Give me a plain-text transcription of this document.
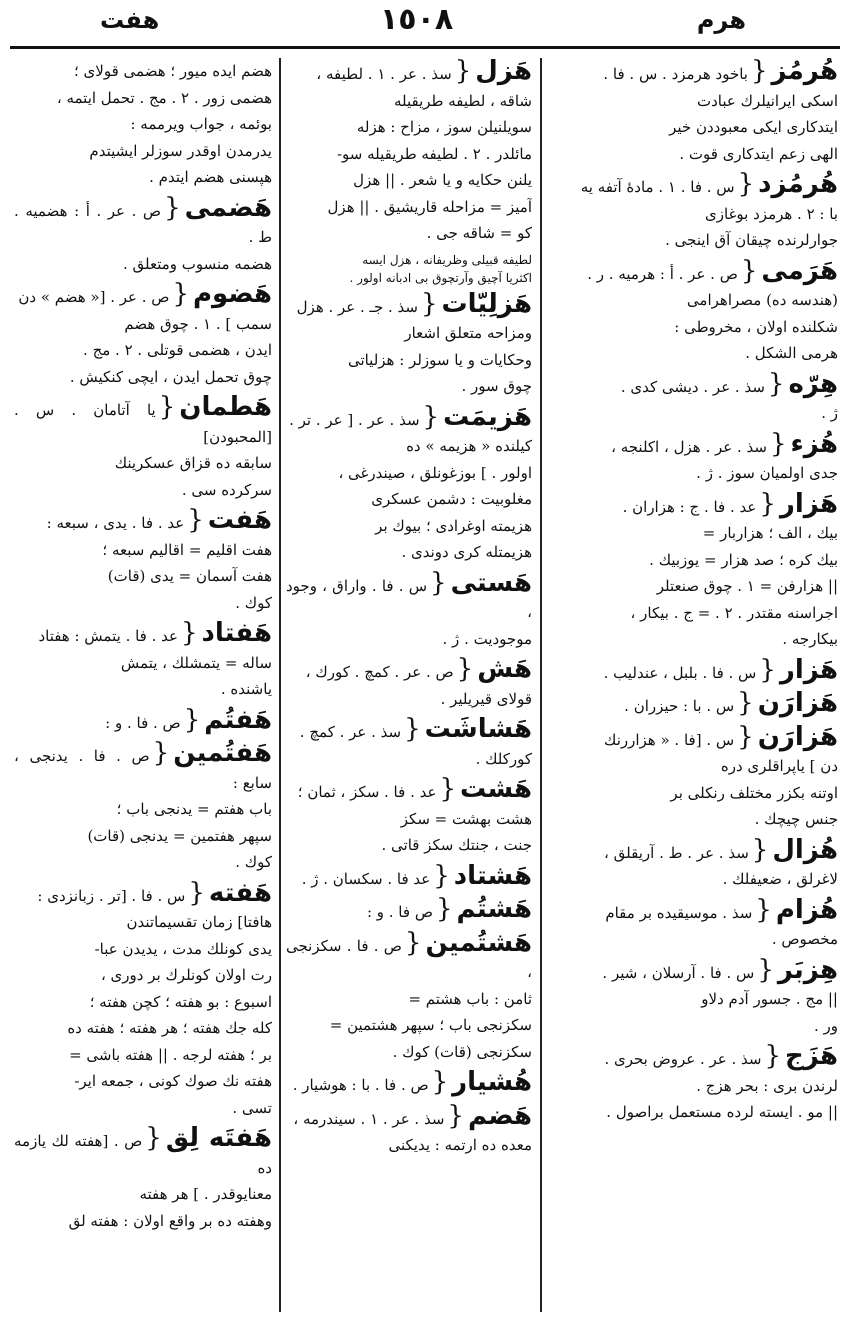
هرم
١٥٠٨
هفت
هُرمُز{باخود هرمزد . س . فا .
اسكى ايرانيلرك عبادت
ايتدكارى ايكى معبوددن خير
الهى زعم ايتدكارى قوت .
هُرمُزد{س . فا . ١ . مادهٔ آتفه يه
با : ٢ . هرمزد بوغازى
جوارلرنده چيقان آق اينجى .
هَرَمى{ص . عر . أ : هرميه . ر .
(هندسه ده) مصراهرامى
شكلنده اولان ، مخروطى :
هرمى الشكل .
هِرّه{سذ . عر . ديشى كدى .
ژ .
هُزء{سذ . عر . هزل ، اكلنجه ،
جدى اولميان سوز . ژ .
هَزار{عد . فا . ج : هزاران .
بيك ، الف ؛ هزاربار =
بيك كره ؛ صد هزار = يوزبيك .
|| هزارفن = ١ . چوق صنعتلر
اجراسنه مقتدر . ٢ . = ج . بيكار ،
بيكارجه .
هَزار{س . فا . بلبل ، عندليب .
هَزارَن{س . با : حيزران .
هَزارَن{س . [فا . « هزاررنك
دن ] ياپراقلرى دره
اوتنه بكزر مختلف رنكلى بر
جنس چيچك .
هُزال{سذ . عر . ط . آريقلق ،
لاغرلق ، ضعيفلك .
هُزام{سذ . موسيقيده بر مقام
مخصوص .
هِزبَر{س . فا . آرسلان ، شير .
|| مج . جسور آدم دلاو
ور .
هَزَج{سذ . عر . عروض بحرى .
لرندن برى : بحر هزج .
|| مو . ايسته لرده مستعمل براصول .
هَزل{سذ . عر . ١ . لطيفه ،
شاقه ، لطيفه طريقيله
سويلنيلن سوز ، مزاح : هزله
مائلدر . ٢ . لطيفه طريقيله سو-
يلنن حكايه و يا شعر . || هزل
آميز = مزاحله قاريشيق . || هزل
كو = شاقه جى .
لطيفه قبيلى وظريفانه ، هزل ايسه
اكثريا آچيق وآرتچوق بى ادبانه اولور .
هَزلِيّات{سذ . جـ . عر . هزل
ومزاحه متعلق اشعار
وحكايات و يا سوزلر : هزلياتى
چوق سور .
هَزيمَت{سذ . عر . [ عر . تر .
كيلنده « هزيمه » ده
اولور . ] بوزغونلق ، صيندرغى ،
مغلوبيت : دشمن عسكرى
هزيمته اوغرادى ؛ بيوك بر
هزيمتله كرى دوندى .
هَستى{س . فا . واراق ، وجود ،
موجوديت . ژ .
هَش{ص . عر . كمچ . كورك ،
قولاى قيريلير .
هَشاشَت{سذ . عر . كمچ .
كوركلك .
هَشت{عد . فا . سكز ، ثمان ؛
هشت بهشت = سكز
جنت ، جنتك سكز قاتى .
هَشتاد{عد فا . سكسان . ژ .
هَشتُم{ص فا . و :
هَشتُمين{ص . فا . سكزنجى ،
ثامن : باب هشتم =
سكزنجى باب ؛ سپهر هشتمين =
سكزنجى (قات) كوك .
هُشيار{ص . فا . با : هوشيار .
هَضم{سذ . عر . ١ . سيندرمه ،
معده ده ارتمه : يديكنى
هضم ايده ميور ؛ هضمى قولاى ؛
هضمى زور . ٢ . مج . تحمل ايتمه ،
بوئمه ، جواب ويرممه :
يدرمدن اوقدر سوزلر ايشيتدم
هپسنى هضم ايتدم .
هَضمى{ص . عر . أ : هضميه . ط .
هضمه منسوب ومتعلق .
هَضوم{ص . عر . [« هضم » دن
سمب ] . ١ . چوق هضم
ايدن ، هضمى قوتلى . ٢ . مج .
چوق تحمل ايدن ، ايچى كنكيش .
هَطمان{يا آتامان . س . [المحبودن]
سابقه ده قزاق عسكرينك
سركرده سى .
هَفت{عد . فا . يدى ، سبعه :
هفت اقليم = اقاليم سبعه ؛
هفت آسمان = يدى (قات)
كوك .
هَفتاد{عد . فا . يتمش : هفتاد
ساله = يتمشلك ، يتمش
ياشنده .
هَفتُم{ص . فا . و :
هَفتُمين{ص . فا . يدنجى ، سابع :
باب هفتم = يدنجى باب ؛
سپهر هفتمين = يدنجى (قات)
كوك .
هَفته{س . فا . [تر . زبانزدى :
هافتا] زمان تقسيماتندن
يدى كونلك مدت ، يديدن عبا-
رت اولان كونلرك بر دورى ،
اسبوع : بو هفته ؛ كچن هفته ؛
كله جك هفته ؛ هر هفته ؛ هفته ده
بر ؛ هفته لرجه . || هفته باشى =
هفته نك صوك كونى ، جمعه اير-
تسى .
هَفتَه لِق{ص . [هفته لك يازمه ده
معنايوقدر . ] هر هفته
وهفته ده بر واقع اولان : هفته لق
